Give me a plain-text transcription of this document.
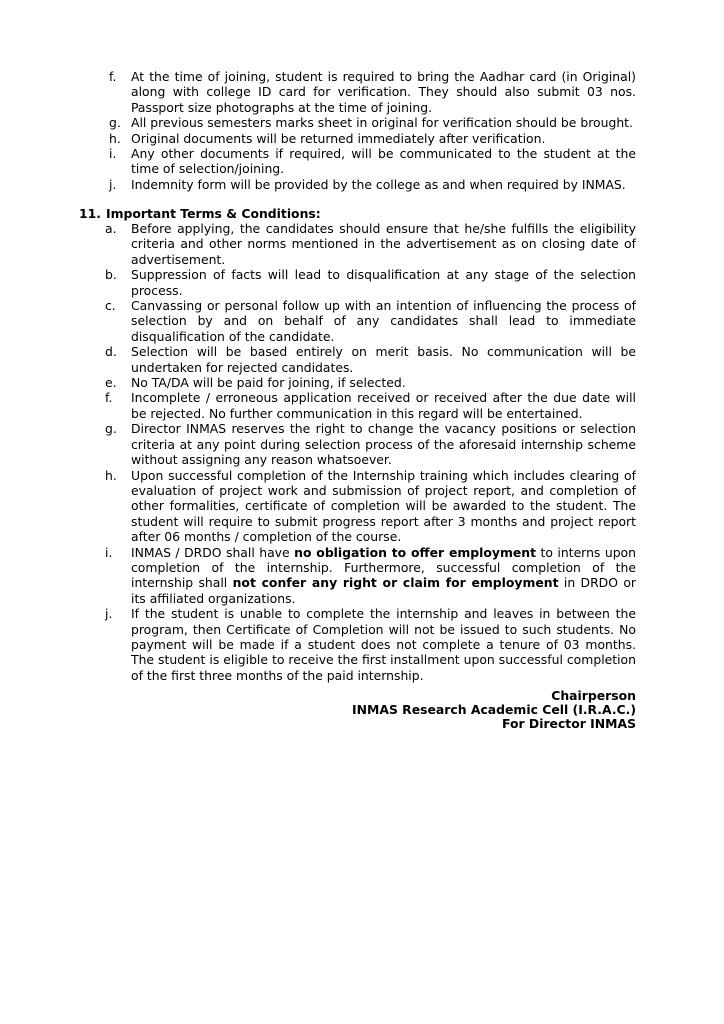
f. At the time of joining, student is required to bring the Aadhar card (in Original) along with college ID card for verification. They should also submit 03 nos. Passport size photographs at the time of joining.
g. All previous semesters marks sheet in original for verification should be brought.
h. Original documents will be returned immediately after verification.
i. Any other documents if required, will be communicated to the student at the time of selection/joining.
j. Indemnity form will be provided by the college as and when required by INMAS.
11. Important Terms & Conditions:
a. Before applying, the candidates should ensure that he/she fulfills the eligibility criteria and other norms mentioned in the advertisement as on closing date of advertisement.
b. Suppression of facts will lead to disqualification at any stage of the selection process.
c. Canvassing or personal follow up with an intention of influencing the process of selection by and on behalf of any candidates shall lead to immediate disqualification of the candidate.
d. Selection will be based entirely on merit basis. No communication will be undertaken for rejected candidates.
e. No TA/DA will be paid for joining, if selected.
f. Incomplete / erroneous application received or received after the due date will be rejected. No further communication in this regard will be entertained.
g. Director INMAS reserves the right to change the vacancy positions or selection criteria at any point during selection process of the aforesaid internship scheme without assigning any reason whatsoever.
h. Upon successful completion of the Internship training which includes clearing of evaluation of project work and submission of project report, and completion of other formalities, certificate of completion will be awarded to the student. The student will require to submit progress report after 3 months and project report after 06 months / completion of the course.
i. INMAS / DRDO shall have no obligation to offer employment to interns upon completion of the internship. Furthermore, successful completion of the internship shall not confer any right or claim for employment in DRDO or its affiliated organizations.
j. If the student is unable to complete the internship and leaves in between the program, then Certificate of Completion will not be issued to such students. No payment will be made if a student does not complete a tenure of 03 months. The student is eligible to receive the first installment upon successful completion of the first three months of the paid internship.
Chairperson
INMAS Research Academic Cell (I.R.A.C.)
For Director INMAS
